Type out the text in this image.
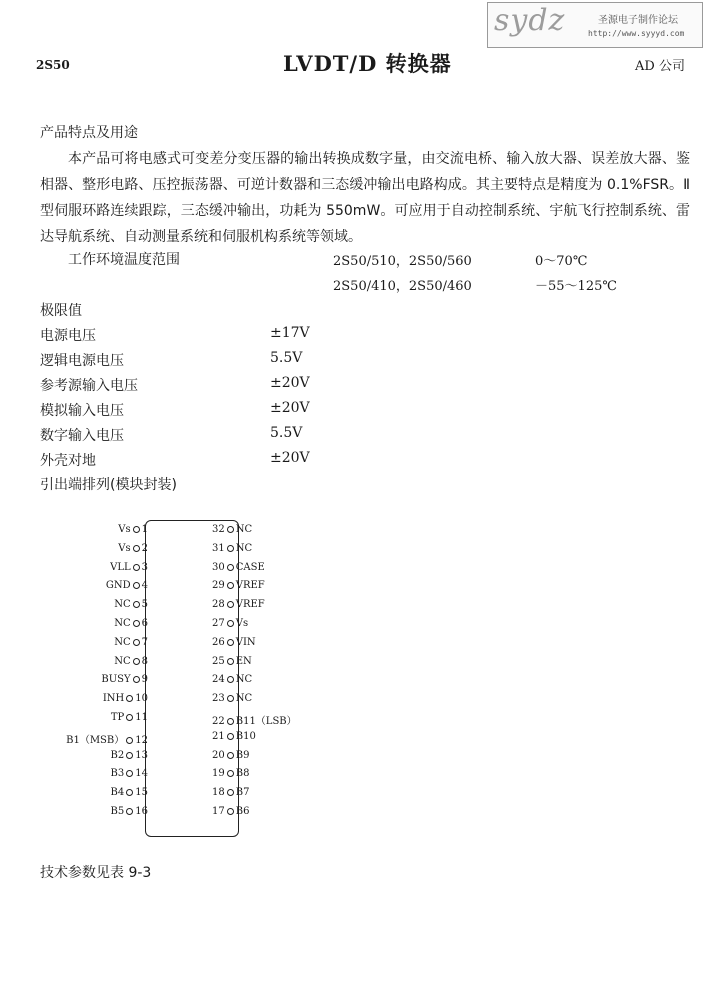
sydz	圣源电子制作论坛
http://www.syyyd.com
2S50	LVDT/D 转换器	AD 公司
产品特点及用途
本产品可将电感式可变差分变压器的输出转换成数字量，由交流电桥、输入放大器、误差放大器、鉴相器、整形电路、压控振荡器、可逆计数器和三态缓冲输出电路构成。其主要特点是精度为 0.1%FSR。Ⅱ型伺服环路连续跟踪，三态缓冲输出，功耗为 550mW。可应用于自动控制系统、宇航飞行控制系统、雷达导航系统、自动测量系统和伺服机构系统等领域。
工作环境温度范围	2S50/510，2S50/560	0～70℃
2S50/410，2S50/460	－55～125℃
极限值
电源电压	±17V
逻辑电源电压	5.5V
参考源输入电压	±20V
模拟输入电压	±20V
数字输入电压	5.5V
外壳对地	±20V
引出端排列(模块封装)
Vs 1
Vs 2
VLL 3
GND 4
NC 5
NC 6
NC 7
NC 8
BUSY 9
INH 10
TP 11
B1（MSB） 12
B2 13
B3 14
B4 15
B5 16
32 NC
31 NC
30 CASE
29 VREF
28 VREF
27 Vs
26 VIN
25 EN
24 NC
23 NC
22 B11（LSB）
21 B10
20 B9
19 B8
18 B7
17 B6
技术参数见表 9-3
